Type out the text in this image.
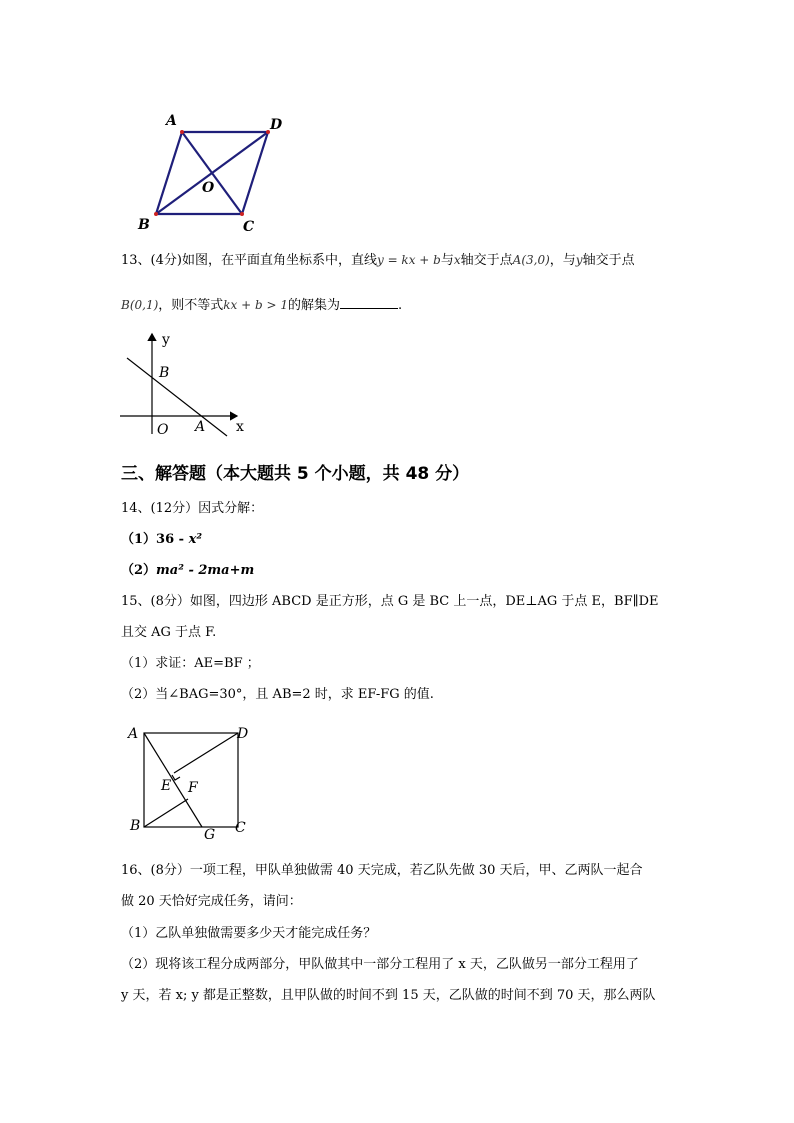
A	D
O
B	C
13、(4分)如图，在平面直角坐标系中，直线y = kx + b与x轴交于点A(3,0)，与y轴交于点
B(0,1)，则不等式kx + b > 1的解集为	.
y
B
O A x
三、解答题（本大题共 5 个小题，共 48 分）
14、(12分）因式分解：
（1）36 - x²
（2）ma² - 2ma+m
15、(8分）如图，四边形 ABCD 是正方形，点 G 是 BC 上一点，DE⊥AG 于点 E，BF∥DE
且交 AG 于点 F.
（1）求证：AE=BF ；
（2）当∠BAG=30°，且 AB=2 时，求 EF-FG 的值.
A	D
E F
B
G C
16、(8分）一项工程，甲队单独做需 40 天完成，若乙队先做 30 天后，甲、乙两队一起合
做 20 天恰好完成任务，请问：
（1）乙队单独做需要多少天才能完成任务？
（2）现将该工程分成两部分，甲队做其中一部分工程用了 x 天，乙队做另一部分工程用了
y 天，若 x; y 都是正整数，且甲队做的时间不到 15 天，乙队做的时间不到 70 天，那么两队
